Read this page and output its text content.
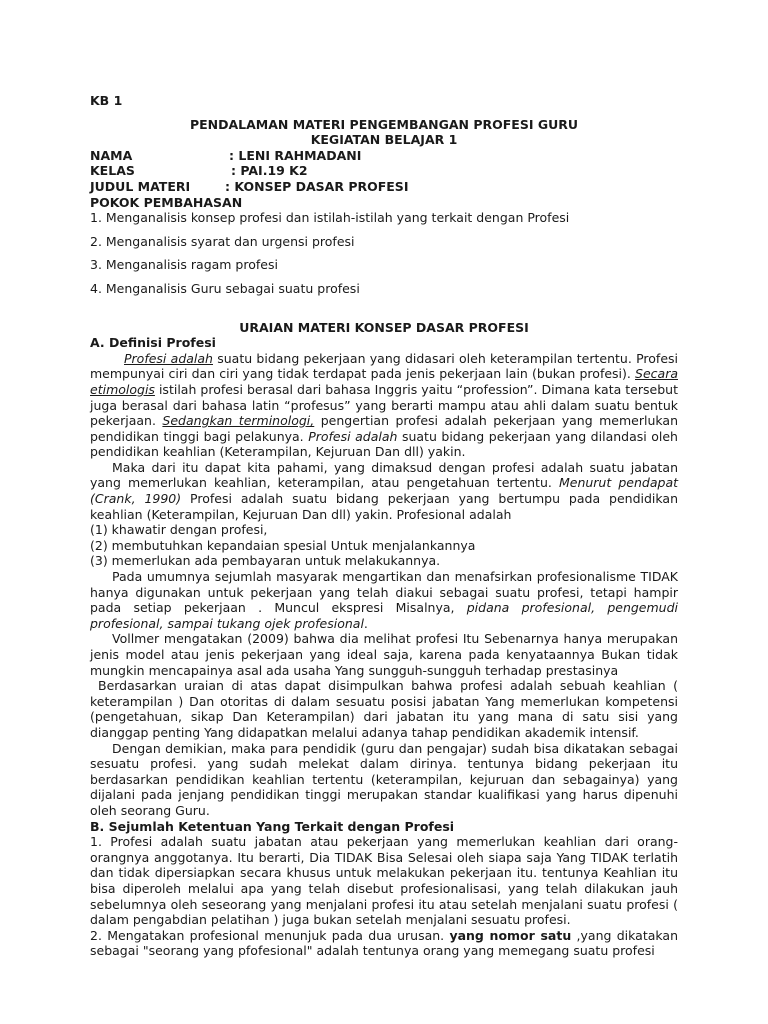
KB 1

PENDALAMAN MATERI PENGEMBANGAN PROFESI GURU

KEGIATAN BELAJAR 1

NAMA	: LENI RAHMADANI
KELAS	: PAI.19 K2
JUDUL MATERI	: KONSEP DASAR PROFESI

POKOK PEMBAHASAN

1. Menganalisis konsep profesi dan istilah-istilah yang terkait dengan Profesi

2. Menganalisis syarat dan urgensi profesi

3. Menganalisis ragam profesi

4. Menganalisis Guru sebagai suatu profesi

URAIAN MATERI KONSEP DASAR PROFESI

A. Definisi Profesi

Profesi adalah suatu bidang pekerjaan yang didasari oleh keterampilan tertentu. Profesi mempunyai ciri dan ciri yang tidak terdapat pada jenis pekerjaan lain (bukan profesi). Secara etimologis istilah profesi berasal dari bahasa Inggris yaitu “profession”. Dimana kata tersebut juga berasal dari bahasa latin “profesus” yang berarti mampu atau ahli dalam suatu bentuk pekerjaan. Sedangkan terminologi, pengertian profesi adalah pekerjaan yang memerlukan pendidikan tinggi bagi pelakunya. Profesi adalah suatu bidang pekerjaan yang dilandasi oleh pendidikan keahlian (Keterampilan, Kejuruan Dan dll) yakin.

Maka dari itu dapat kita pahami, yang dimaksud dengan profesi adalah suatu jabatan yang memerlukan keahlian, keterampilan, atau pengetahuan tertentu. Menurut pendapat (Crank, 1990) Profesi adalah suatu bidang pekerjaan yang bertumpu pada pendidikan keahlian (Keterampilan, Kejuruan Dan dll) yakin. Profesional adalah

(1) khawatir dengan profesi,

(2) membutuhkan kepandaian spesial Untuk menjalankannya

(3) memerlukan ada pembayaran untuk melakukannya.

Pada umumnya sejumlah masyarak mengartikan dan menafsirkan profesionalisme TIDAK hanya digunakan untuk pekerjaan yang telah diakui sebagai suatu profesi, tetapi hampir pada setiap pekerjaan . Muncul ekspresi Misalnya, pidana profesional, pengemudi profesional, sampai tukang ojek profesional.

Vollmer mengatakan (2009) bahwa dia melihat profesi Itu Sebenarnya hanya merupakan jenis model atau jenis pekerjaan yang ideal saja, karena pada kenyataannya Bukan tidak mungkin mencapainya asal ada usaha Yang sungguh-sungguh terhadap prestasinya

Berdasarkan uraian di atas dapat disimpulkan bahwa profesi adalah sebuah keahlian ( keterampilan ) Dan otoritas di dalam sesuatu posisi jabatan Yang memerlukan kompetensi (pengetahuan, sikap Dan Keterampilan) dari jabatan itu yang mana di satu sisi yang dianggap penting Yang didapatkan melalui adanya tahap pendidikan akademik intensif.

Dengan demikian, maka para pendidik (guru dan pengajar) sudah bisa dikatakan sebagai sesuatu profesi. yang sudah melekat dalam dirinya. tentunya bidang pekerjaan itu berdasarkan pendidikan keahlian tertentu (keterampilan, kejuruan dan sebagainya) yang dijalani pada jenjang pendidikan tinggi merupakan standar kualifikasi yang harus dipenuhi oleh seorang Guru.

B. Sejumlah Ketentuan Yang Terkait dengan Profesi

1. Profesi adalah suatu jabatan atau pekerjaan yang memerlukan keahlian dari orang-orangnya anggotanya. Itu berarti, Dia TIDAK Bisa Selesai oleh siapa saja Yang TIDAK terlatih dan tidak dipersiapkan secara khusus untuk melakukan pekerjaan itu. tentunya Keahlian itu bisa diperoleh melalui apa yang telah disebut profesionalisasi, yang telah dilakukan jauh sebelumnya oleh seseorang yang menjalani profesi itu atau setelah menjalani suatu profesi ( dalam pengabdian pelatihan ) juga bukan setelah menjalani sesuatu profesi.

2. Mengatakan profesional menunjuk pada dua urusan. yang nomor satu ,yang dikatakan sebagai "seorang yang pfofesional" adalah tentunya orang yang memegang suatu profesi
